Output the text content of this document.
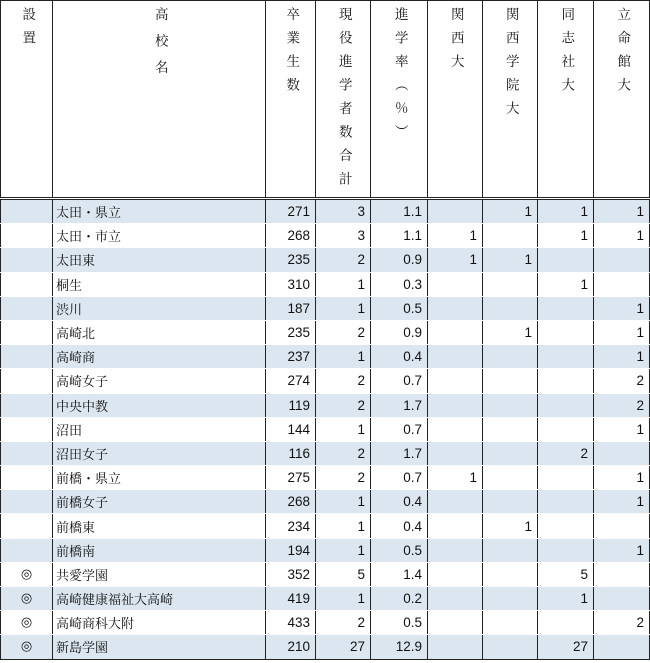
設置	高校名	卒業生数	現役進学者数合計	進学率（％）	関西大	関西学院大	同志社大	立命館大

	太田・県立	271	3	1.1		1	1	1
	太田・市立	268	3	1.1	1		1	1
	太田東	235	2	0.9	1	1		
	桐生	310	1	0.3			1	
	渋川	187	1	0.5				1
	高崎北	235	2	0.9		1		1
	高崎商	237	1	0.4				1
	高崎女子	274	2	0.7				2
	中央中教	119	2	1.7				2
	沼田	144	1	0.7				1
	沼田女子	116	2	1.7			2	
	前橋・県立	275	2	0.7	1			1
	前橋女子	268	1	0.4				1
	前橋東	234	1	0.4		1		
	前橋南	194	1	0.5				1
◎	共愛学園	352	5	1.4			5	
◎	高崎健康福祉大高崎	419	1	0.2			1	
◎	高崎商科大附	433	2	0.5				2
◎	新島学園	210	27	12.9			27	
